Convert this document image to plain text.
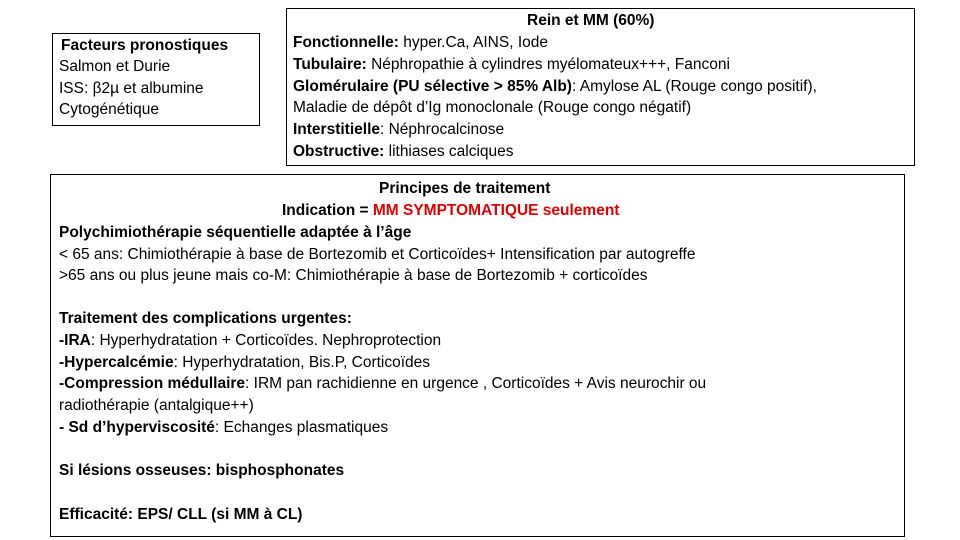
Facteurs pronostiques
Salmon et Durie
ISS: β2µ et albumine
Cytogénétique
Rein et MM (60%)
Fonctionnelle: hyper.Ca, AINS, Iode
Tubulaire: Néphropathie à cylindres myélomateux+++, Fanconi
Glomérulaire (PU sélective > 85% Alb): Amylose AL (Rouge congo positif),
Maladie de dépôt d’Ig monoclonale (Rouge congo négatif)
Interstitielle: Néphrocalcinose
Obstructive: lithiases calciques
Principes de traitement
Indication = MM SYMPTOMATIQUE seulement
Polychimiothérapie séquentielle adaptée à l’âge
< 65 ans: Chimiothérapie à base de Bortezomib et Corticoïdes+ Intensification par autogreffe
>65 ans ou plus jeune mais co-M: Chimiothérapie à base de Bortezomib + corticoïdes
Traitement des complications urgentes:
-IRA: Hyperhydratation + Corticoïdes. Nephroprotection
-Hypercalcémie: Hyperhydratation, Bis.P, Corticoïdes
-Compression médullaire: IRM pan rachidienne en urgence , Corticoïdes + Avis neurochir ou
radiothérapie (antalgique++)
- Sd d’hyperviscosité: Echanges plasmatiques
Si lésions osseuses: bisphosphonates
Efficacité: EPS/ CLL (si MM à CL)
